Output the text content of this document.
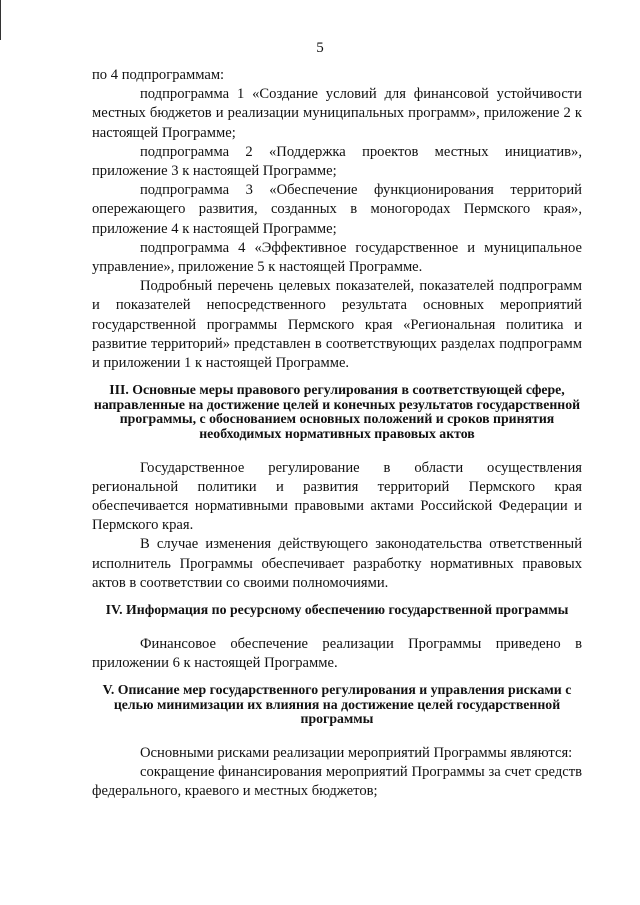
5

по 4 подпрограммам:

подпрограмма 1 «Создание условий для финансовой устойчивости местных бюджетов и реализации муниципальных программ», приложение 2 к настоящей Программе;

подпрограмма 2 «Поддержка проектов местных инициатив», приложение 3 к настоящей Программе;

подпрограмма 3 «Обеспечение функционирования территорий опережающего развития, созданных в моногородах Пермского края», приложение 4 к настоящей Программе;

подпрограмма 4 «Эффективное государственное и муниципальное управление», приложение 5 к настоящей Программе.

Подробный перечень целевых показателей, показателей подпрограмм и показателей непосредственного результата основных мероприятий государственной программы Пермского края «Региональная политика и развитие территорий» представлен в соответствующих разделах подпрограмм и приложении 1 к настоящей Программе.

III. Основные меры правового регулирования в соответствующей сфере, направленные на достижение целей и конечных результатов государственной программы, с обоснованием основных положений и сроков принятия необходимых нормативных правовых актов

Государственное регулирование в области осуществления региональной политики и развития территорий Пермского края обеспечивается нормативными правовыми актами Российской Федерации и Пермского края.

В случае изменения действующего законодательства ответственный исполнитель Программы обеспечивает разработку нормативных правовых актов в соответствии со своими полномочиями.

IV. Информация по ресурсному обеспечению государственной программы

Финансовое обеспечение реализации Программы приведено в приложении 6 к настоящей Программе.

V. Описание мер государственного регулирования и управления рисками с целью минимизации их влияния на достижение целей государственной программы

Основными рисками реализации мероприятий Программы являются:

сокращение финансирования мероприятий Программы за счет средств федерального, краевого и местных бюджетов;
